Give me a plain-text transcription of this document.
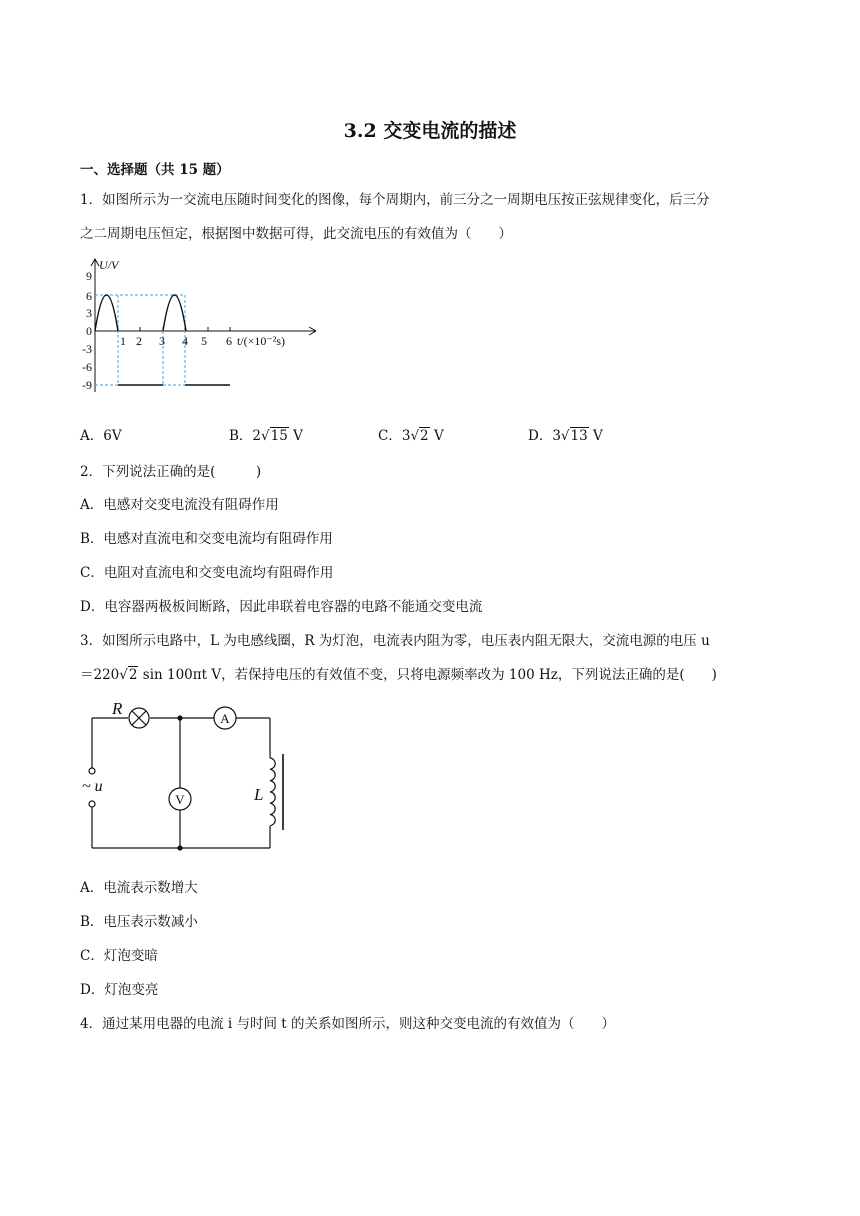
3.2 交变电流的描述
一、选择题（共 15 题）
1．如图所示为一交流电压随时间变化的图像，每个周期内，前三分之一周期电压按正弦规律变化，后三分
之二周期电压恒定，根据图中数据可得，此交流电压的有效值为（　　）
9
6
3
0
-3
-6
-9
1 2 3 4 5 6 t/(×10⁻²s)
U/V
A．6V	B．2√15 V	C．3√2 V	D．3√13 V
2．下列说法正确的是(　　　)
A．电感对交变电流没有阻碍作用
B．电感对直流电和交变电流均有阻碍作用
C．电阻对直流电和交变电流均有阻碍作用
D．电容器两极板间断路，因此串联着电容器的电路不能通交变电流
3．如图所示电路中，L 为电感线圈，R 为灯泡，电流表内阻为零，电压表内阻无限大，交流电源的电压 u
＝220√2 sin 100πt V，若保持电压的有效值不变，只将电源频率改为 100 Hz，下列说法正确的是(　　)
R
L
~ u
A
V
A．电流表示数增大
B．电压表示数减小
C．灯泡变暗
D．灯泡变亮
4．通过某用电器的电流 i 与时间 t 的关系如图所示，则这种交变电流的有效值为（　　）
